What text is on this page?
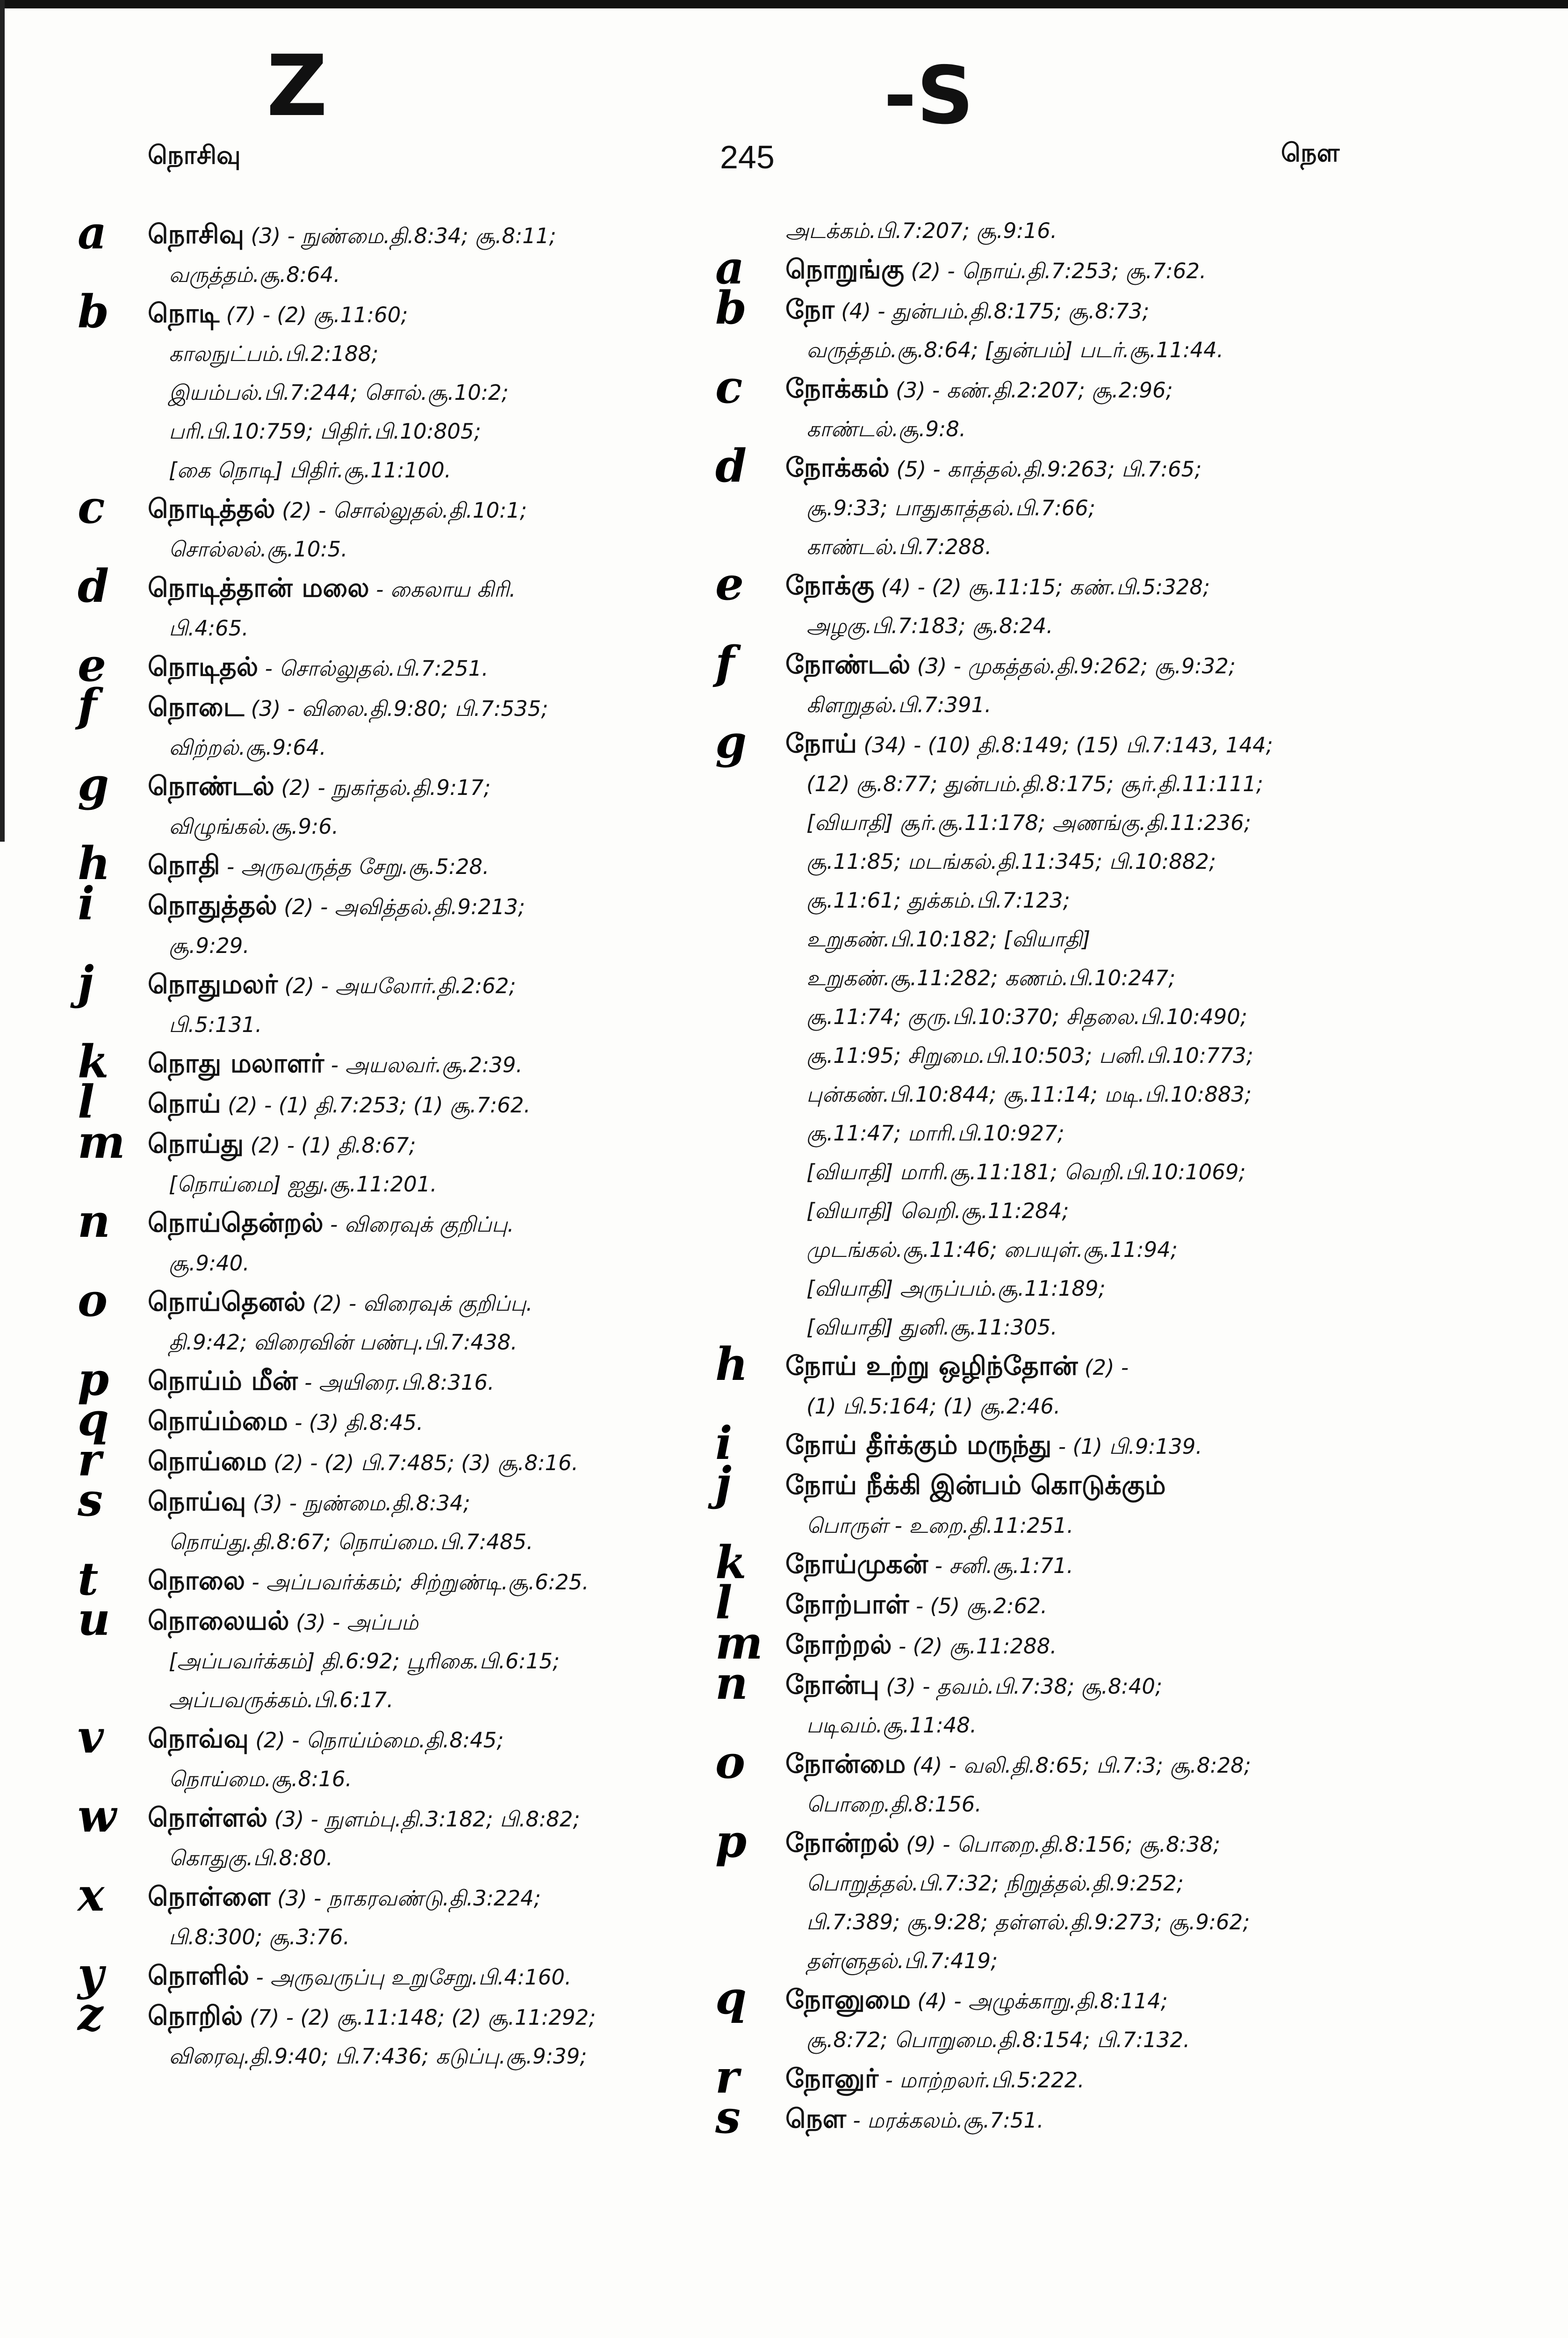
Z	-S
நொசிவு	245	நௌ
a நொசிவு (3) - நுண்மை.தி.8:34; சூ.8:11;
வருத்தம்.சூ.8:64.
b நொடி (7) - (2) சூ.11:60;
காலநுட்பம்.பி.2:188;
இயம்பல்.பி.7:244; சொல்.சூ.10:2;
பரி.பி.10:759; பிதிர்.பி.10:805;
[கை நொடி] பிதிர்.சூ.11:100.
c நொடித்தல் (2) - சொல்லுதல்.தி.10:1;
சொல்லல்.சூ.10:5.
d நொடித்தான் மலை - கைலாய கிரி.
பி.4:65.
e நொடிதல் - சொல்லுதல்.பி.7:251.
f நொடை (3) - விலை.தி.9:80; பி.7:535;
விற்றல்.சூ.9:64.
g நொண்டல் (2) - நுகர்தல்.தி.9:17;
விழுங்கல்.சூ.9:6.
h நொதி - அருவருத்த சேறு.சூ.5:28.
i நொதுத்தல் (2) - அவித்தல்.தி.9:213;
சூ.9:29.
j நொதுமலர் (2) - அயலோர்.தி.2:62;
பி.5:131.
k நொது மலாளர் - அயலவர்.சூ.2:39.
l நொய் (2) - (1) தி.7:253; (1) சூ.7:62.
m நொய்து (2) - (1) தி.8:67;
[நொய்மை] ஐது.சூ.11:201.
n நொய்தென்றல் - விரைவுக் குறிப்பு.
சூ.9:40.
o நொய்தெனல் (2) - விரைவுக் குறிப்பு.
தி.9:42; விரைவின் பண்பு.பி.7:438.
p நொய்ம் மீன் - அயிரை.பி.8:316.
q நொய்ம்மை - (3) தி.8:45.
r நொய்மை (2) - (2) பி.7:485; (3) சூ.8:16.
s நொய்வு (3) - நுண்மை.தி.8:34;
நொய்து.தி.8:67; நொய்மை.பி.7:485.
t நொலை - அப்பவர்க்கம்; சிற்றுண்டி.சூ.6:25.
u நொலையல் (3) - அப்பம்
[அப்பவர்க்கம்] தி.6:92; பூரிகை.பி.6:15;
அப்பவருக்கம்.பி.6:17.
v நொவ்வு (2) - நொய்ம்மை.தி.8:45;
நொய்மை.சூ.8:16.
w நொள்ளல் (3) - நுளம்பு.தி.3:182; பி.8:82;
கொதுகு.பி.8:80.
x நொள்ளை (3) - நாகரவண்டு.தி.3:224;
பி.8:300; சூ.3:76.
y நொளில் - அருவருப்பு உறுசேறு.பி.4:160.
z நொறில் (7) - (2) சூ.11:148; (2) சூ.11:292;
விரைவு.தி.9:40; பி.7:436; கடுப்பு.சூ.9:39;
அடக்கம்.பி.7:207; சூ.9:16.
a நொறுங்கு (2) - நொய்.தி.7:253; சூ.7:62.
b நோ (4) - துன்பம்.தி.8:175; சூ.8:73;
வருத்தம்.சூ.8:64; [துன்பம்] படர்.சூ.11:44.
c நோக்கம் (3) - கண்.தி.2:207; சூ.2:96;
காண்டல்.சூ.9:8.
d நோக்கல் (5) - காத்தல்.தி.9:263; பி.7:65;
சூ.9:33; பாதுகாத்தல்.பி.7:66;
காண்டல்.பி.7:288.
e நோக்கு (4) - (2) சூ.11:15; கண்.பி.5:328;
அழகு.பி.7:183; சூ.8:24.
f நோண்டல் (3) - முகத்தல்.தி.9:262; சூ.9:32;
கிளறுதல்.பி.7:391.
g நோய் (34) - (10) தி.8:149; (15) பி.7:143, 144;
(12) சூ.8:77; துன்பம்.தி.8:175; சூர்.தி.11:111;
[வியாதி] சூர்.சூ.11:178; அணங்கு.தி.11:236;
சூ.11:85; மடங்கல்.தி.11:345; பி.10:882;
சூ.11:61; துக்கம்.பி.7:123;
உறுகண்.பி.10:182; [வியாதி]
உறுகண்.சூ.11:282; கணம்.பி.10:247;
சூ.11:74; குரு.பி.10:370; சிதலை.பி.10:490;
சூ.11:95; சிறுமை.பி.10:503; பனி.பி.10:773;
புன்கண்.பி.10:844; சூ.11:14; மடி.பி.10:883;
சூ.11:47; மாரி.பி.10:927;
[வியாதி] மாரி.சூ.11:181; வெறி.பி.10:1069;
[வியாதி] வெறி.சூ.11:284;
முடங்கல்.சூ.11:46; பையுள்.சூ.11:94;
[வியாதி] அருப்பம்.சூ.11:189;
[வியாதி] துனி.சூ.11:305.
h நோய் உற்று ஒழிந்தோன் (2) -
(1) பி.5:164; (1) சூ.2:46.
i நோய் தீர்க்கும் மருந்து - (1) பி.9:139.
j நோய் நீக்கி இன்பம் கொடுக்கும்
பொருள் - உறை.தி.11:251.
k நோய்முகன் - சனி.சூ.1:71.
l நோற்பாள் - (5) சூ.2:62.
m நோற்றல் - (2) சூ.11:288.
n நோன்பு (3) - தவம்.பி.7:38; சூ.8:40;
படிவம்.சூ.11:48.
o நோன்மை (4) - வலி.தி.8:65; பி.7:3; சூ.8:28;
பொறை.தி.8:156.
p நோன்றல் (9) - பொறை.தி.8:156; சூ.8:38;
பொறுத்தல்.பி.7:32; நிறுத்தல்.தி.9:252;
பி.7:389; சூ.9:28; தள்ளல்.தி.9:273; சூ.9:62;
தள்ளுதல்.பி.7:419;
q நோனுமை (4) - அழுக்காறு.தி.8:114;
சூ.8:72; பொறுமை.தி.8:154; பி.7:132.
r நோனுர் - மாற்றலர்.பி.5:222.
s நௌ - மரக்கலம்.சூ.7:51.
